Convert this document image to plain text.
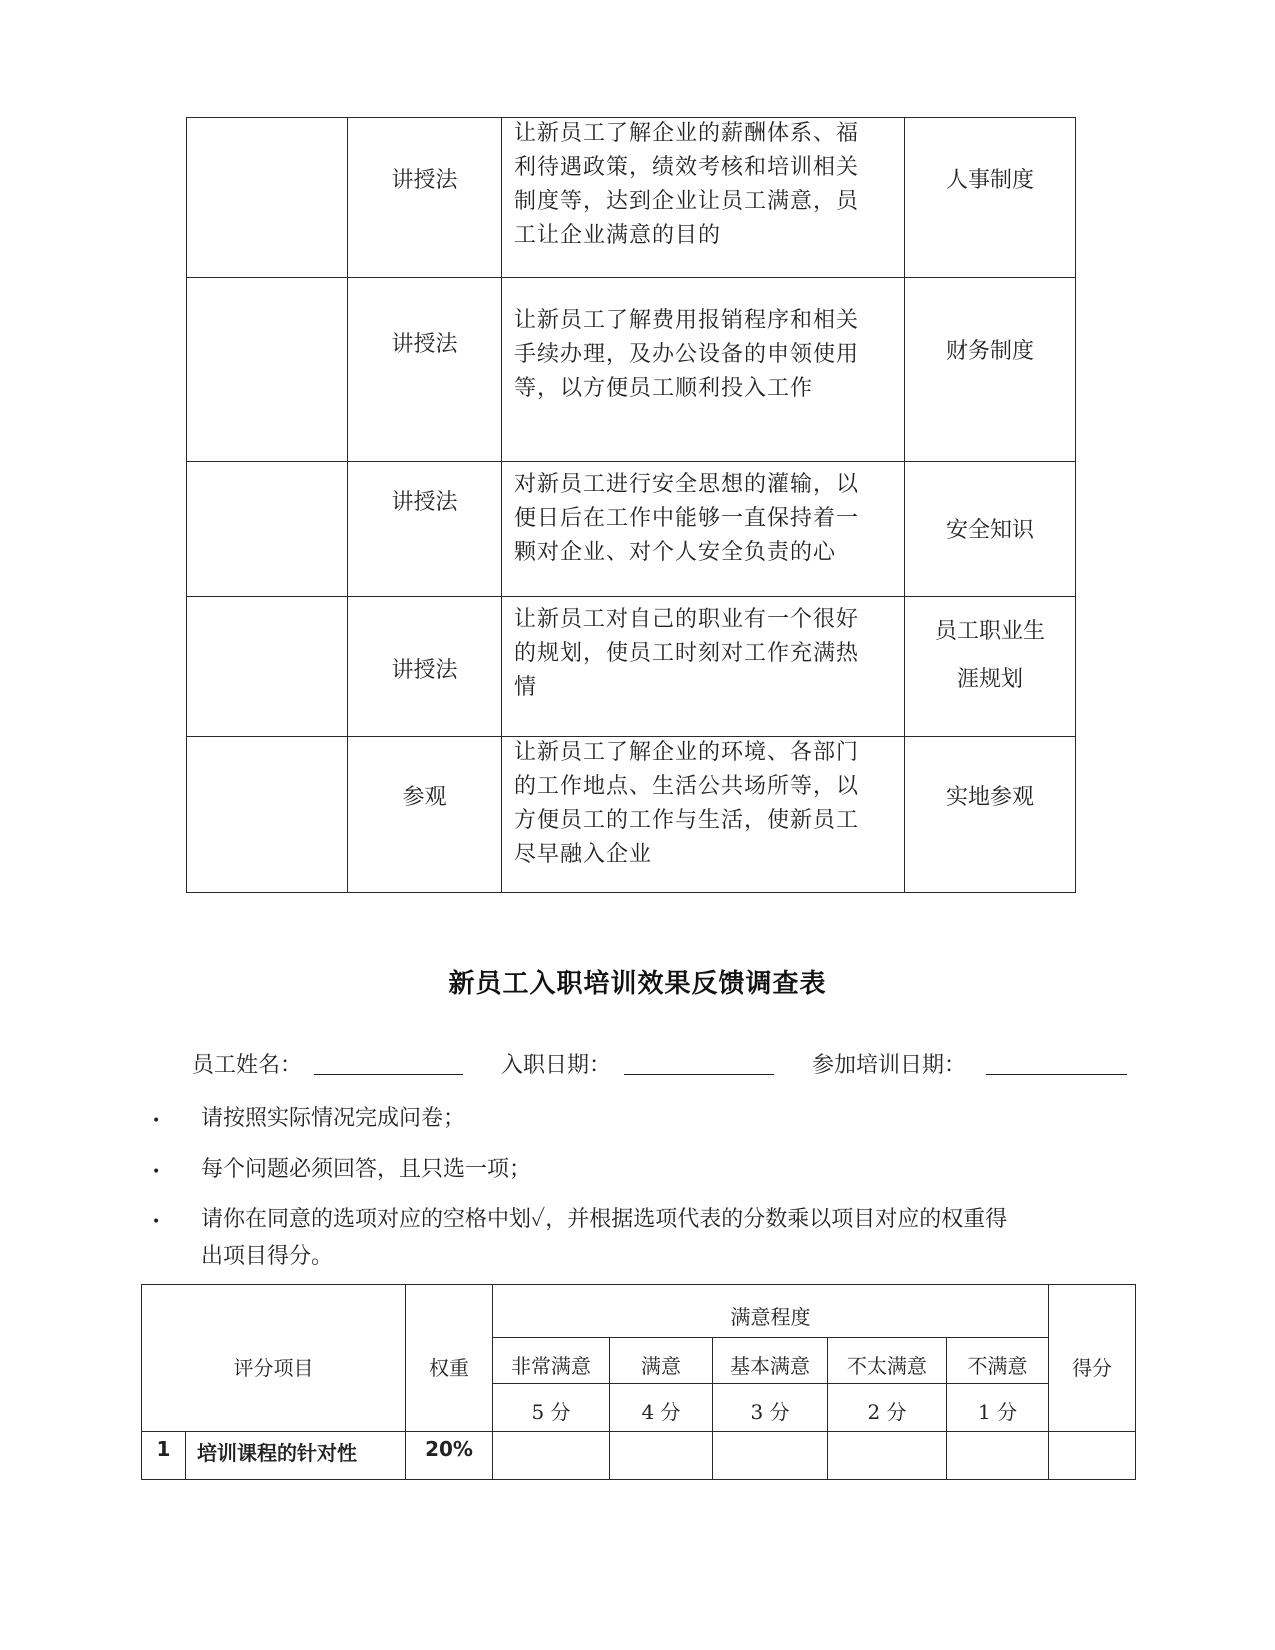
	讲授法	让新员工了解企业的薪酬体系、福
利待遇政策，绩效考核和培训相关
制度等，达到企业让员工满意，员
工让企业满意的目的	人事制度

	讲授法	让新员工了解费用报销程序和相关
手续办理，及办公设备的申领使用
等，以方便员工顺利投入工作	财务制度

	讲授法	对新员工进行安全思想的灌输，以
便日后在工作中能够一直保持着一
颗对企业、对个人安全负责的心	安全知识

	讲授法	让新员工对自己的职业有一个很好
的规划，使员工时刻对工作充满热
情	员工职业生
涯规划

	参观	让新员工了解企业的环境、各部门
的工作地点、生活公共场所等，以
方便员工的工作与生活，使新员工
尽早融入企业	实地参观
新员工入职培训效果反馈调查表
员工姓名：	入职日期：	参加培训日期：
• 请按照实际情况完成问卷；
• 每个问题必须回答，且只选一项；
• 请你在同意的选项对应的空格中划✓，并根据选项代表的分数乘以项目对应的权重得
出项目得分。
评分项目		权重	满意程度					得分

			非常满意	满意	基本满意	不太满意	不满意	

			5 分	4 分	3 分	2 分	1 分	

1	培训课程的针对性	20%						
